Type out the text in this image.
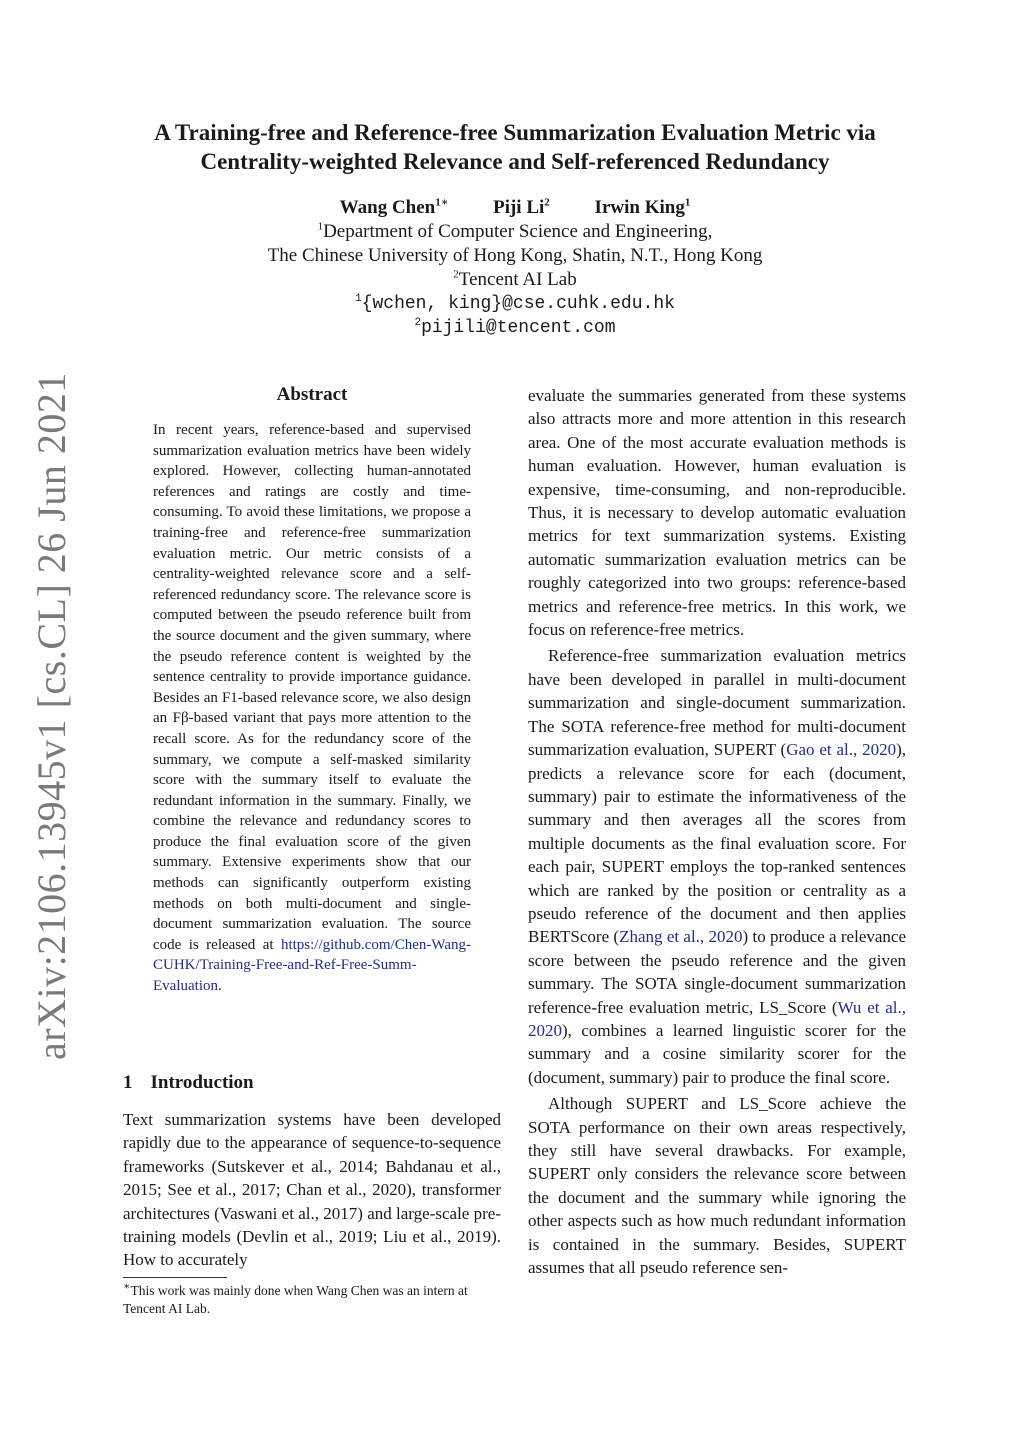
arXiv:2106.13945v1 [cs.CL] 26 Jun 2021
A Training-free and Reference-free Summarization Evaluation Metric via
Centrality-weighted Relevance and Self-referenced Redundancy
Wang Chen$^{1∗}$ Piji Li$^2$ Irwin King$^1$
$^1$Department of Computer Science and Engineering,
The Chinese University of Hong Kong, Shatin, N.T., Hong Kong
$^2$Tencent AI Lab
$^1${wchen, king}@cse.cuhk.edu.hk
$^2$pijili@tencent.com
Abstract

In recent years, reference-based and supervised summarization evaluation metrics have been widely explored. However, collecting human-annotated references and ratings are costly and time-consuming. To avoid these limitations, we propose a training-free and reference-free summarization evaluation metric. Our metric consists of a centrality-weighted relevance score and a self-referenced redundancy score. The relevance score is computed between the pseudo reference built from the source document and the given summary, where the pseudo reference content is weighted by the sentence centrality to provide importance guidance. Besides an F1-based relevance score, we also design an Fβ-based variant that pays more attention to the recall score. As for the redundancy score of the summary, we compute a self-masked similarity score with the summary itself to evaluate the redundant information in the summary. Finally, we combine the relevance and redundancy scores to produce the final evaluation score of the given summary. Extensive experiments show that our methods can significantly outperform existing methods on both multi-document and single-document summarization evaluation. The source code is released at https://github.com/Chen-Wang-CUHK/Training-Free-and-Ref-Free-Summ-Evaluation.

1 Introduction

Text summarization systems have been developed rapidly due to the appearance of sequence-to-sequence frameworks (Sutskever et al., 2014; Bahdanau et al., 2015; See et al., 2017; Chan et al., 2020), transformer architectures (Vaswani et al., 2017) and large-scale pre-training models (Devlin et al., 2019; Liu et al., 2019). How to accurately

∗This work was mainly done when Wang Chen was an intern at Tencent AI Lab.

evaluate the summaries generated from these systems also attracts more and more attention in this research area. One of the most accurate evaluation methods is human evaluation. However, human evaluation is expensive, time-consuming, and non-reproducible. Thus, it is necessary to develop automatic evaluation metrics for text summarization systems. Existing automatic summarization evaluation metrics can be roughly categorized into two groups: reference-based metrics and reference-free metrics. In this work, we focus on reference-free metrics.

Reference-free summarization evaluation metrics have been developed in parallel in multi-document summarization and single-document summarization. The SOTA reference-free method for multi-document summarization evaluation, SUPERT (Gao et al., 2020), predicts a relevance score for each (document, summary) pair to estimate the informativeness of the summary and then averages all the scores from multiple documents as the final evaluation score. For each pair, SUPERT employs the top-ranked sentences which are ranked by the position or centrality as a pseudo reference of the document and then applies BERTScore (Zhang et al., 2020) to produce a relevance score between the pseudo reference and the given summary. The SOTA single-document summarization reference-free evaluation metric, LS_Score (Wu et al., 2020), combines a learned linguistic scorer for the summary and a cosine similarity scorer for the (document, summary) pair to produce the final score.

Although SUPERT and LS_Score achieve the SOTA performance on their own areas respectively, they still have several drawbacks. For example, SUPERT only considers the relevance score between the document and the summary while ignoring the other aspects such as how much redundant information is contained in the summary. Besides, SUPERT assumes that all pseudo reference sen-
